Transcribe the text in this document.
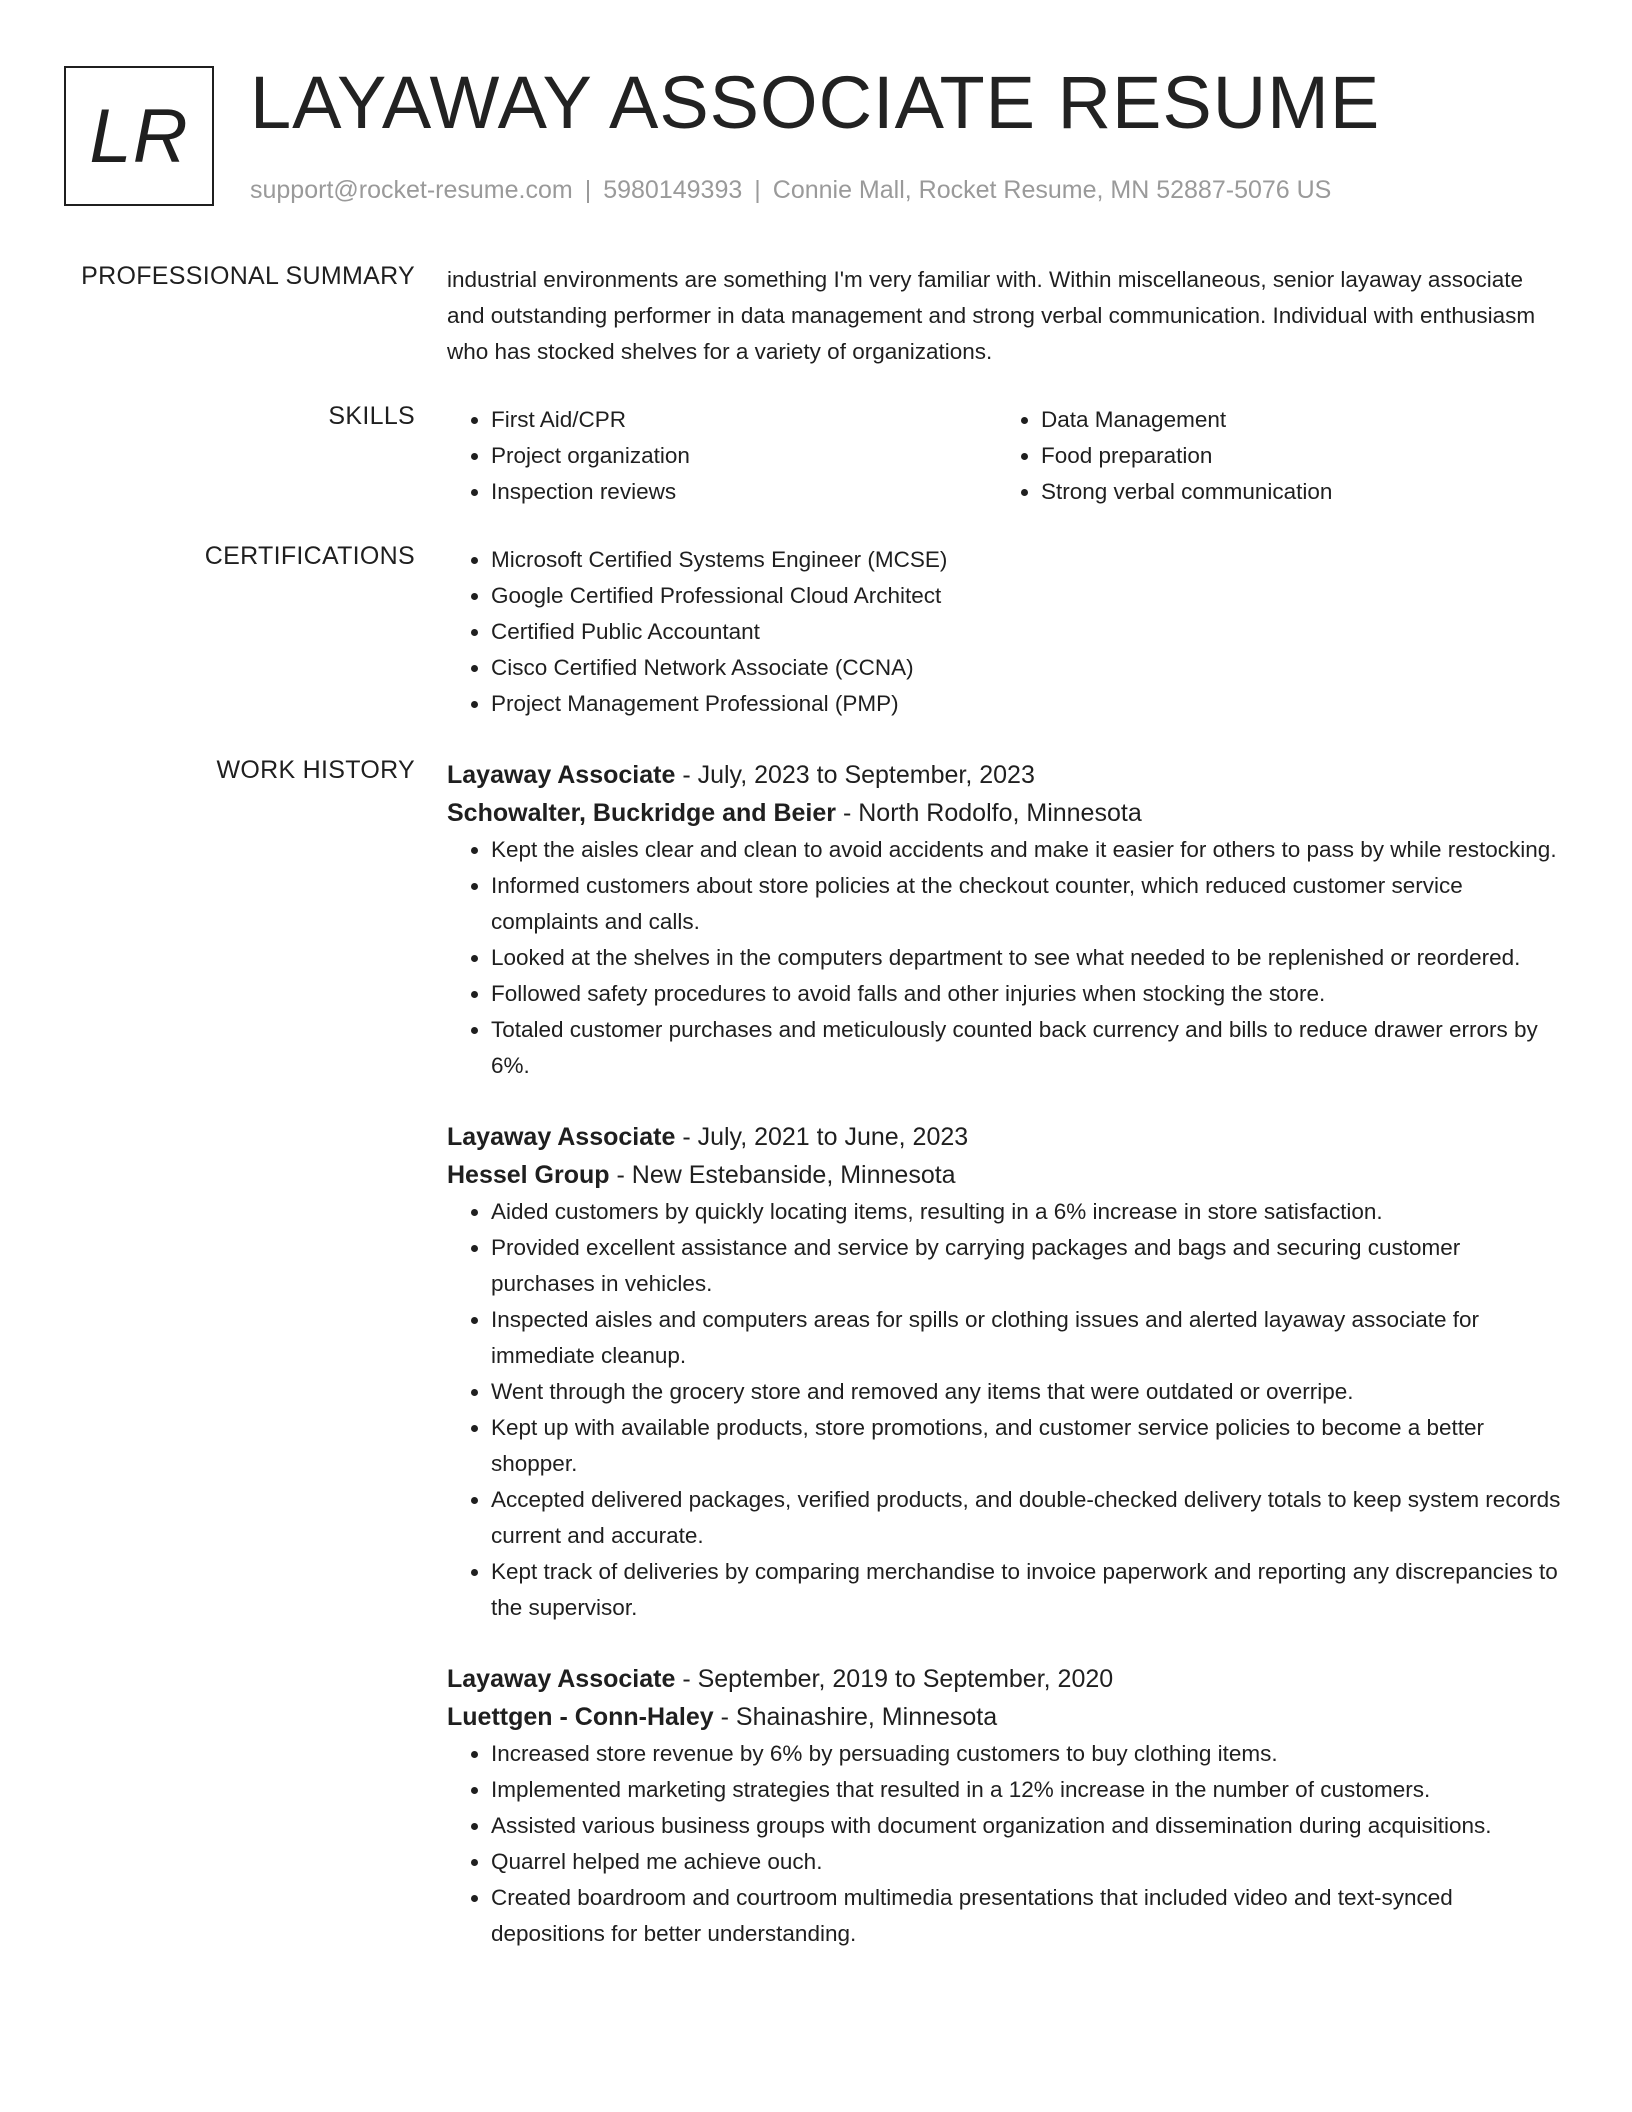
LR LAYAWAY ASSOCIATE RESUME
support@rocket-resume.com | 5980149393 | Connie Mall, Rocket Resume, MN 52887-5076 US
PROFESSIONAL SUMMARY industrial environments are something I'm very familiar with. Within miscellaneous, senior layaway associate and outstanding performer in data management and strong verbal communication. Individual with enthusiasm who has stocked shelves for a variety of organizations.

SKILLS	• First Aid/CPR
• Project organization
• Inspection reviews
• Data Management
• Food preparation
• Strong verbal communication
CERTIFICATIONS	• Microsoft Certified Systems Engineer (MCSE)
• Google Certified Professional Cloud Architect
• Certified Public Accountant
• Cisco Certified Network Associate (CCNA)
• Project Management Professional (PMP)
WORK HISTORY Layaway Associate - July, 2023 to September, 2023
Schowalter, Buckridge and Beier - North Rodolfo, Minnesota
• Kept the aisles clear and clean to avoid accidents and make it easier for others to pass by while restocking.
• Informed customers about store policies at the checkout counter, which reduced customer service complaints and calls.
• Looked at the shelves in the computers department to see what needed to be replenished or reordered.
• Followed safety procedures to avoid falls and other injuries when stocking the store.
• Totaled customer purchases and meticulously counted back currency and bills to reduce drawer errors by 6%.
Layaway Associate - July, 2021 to June, 2023
Hessel Group - New Estebanside, Minnesota
• Aided customers by quickly locating items, resulting in a 6% increase in store satisfaction.
• Provided excellent assistance and service by carrying packages and bags and securing customer purchases in vehicles.
• Inspected aisles and computers areas for spills or clothing issues and alerted layaway associate for immediate cleanup.
• Went through the grocery store and removed any items that were outdated or overripe.
• Kept up with available products, store promotions, and customer service policies to become a better shopper.
• Accepted delivered packages, verified products, and double-checked delivery totals to keep system records current and accurate.
• Kept track of deliveries by comparing merchandise to invoice paperwork and reporting any discrepancies to the supervisor.
Layaway Associate - September, 2019 to September, 2020
Luettgen - Conn-Haley - Shainashire, Minnesota
• Increased store revenue by 6% by persuading customers to buy clothing items.
• Implemented marketing strategies that resulted in a 12% increase in the number of customers.
• Assisted various business groups with document organization and dissemination during acquisitions.
• Quarrel helped me achieve ouch.
• Created boardroom and courtroom multimedia presentations that included video and text-synced depositions for better understanding.
